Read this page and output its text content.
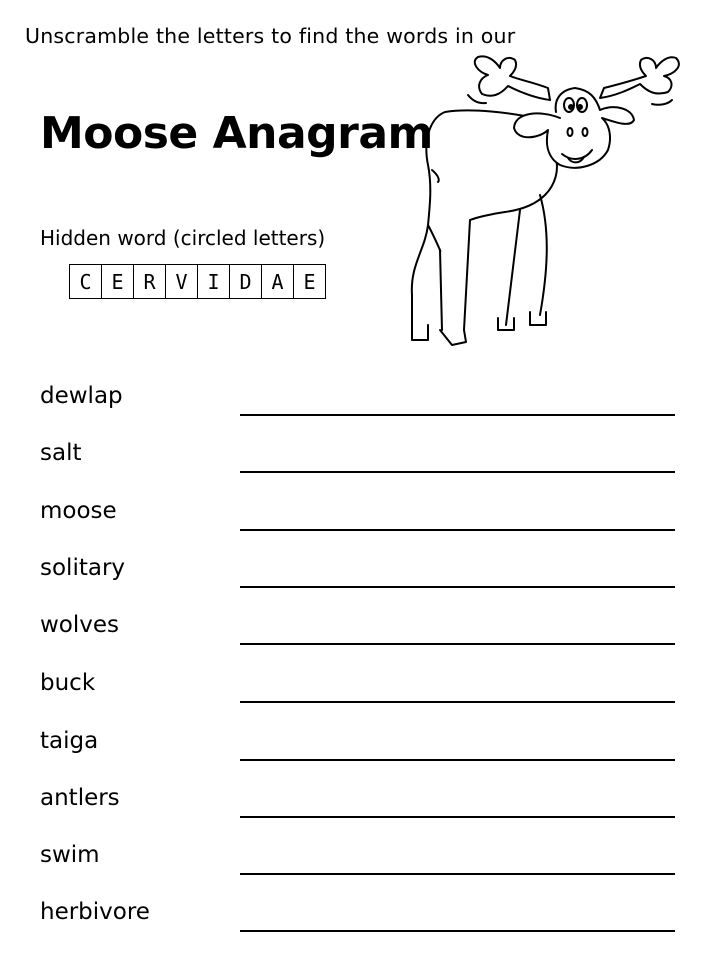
Unscramble the letters to find the words in our
Moose Anagram
Hidden word (circled letters)
C E R V I D A E
dewlap
salt
moose
solitary
wolves
buck
taiga
antlers
swim
herbivore
